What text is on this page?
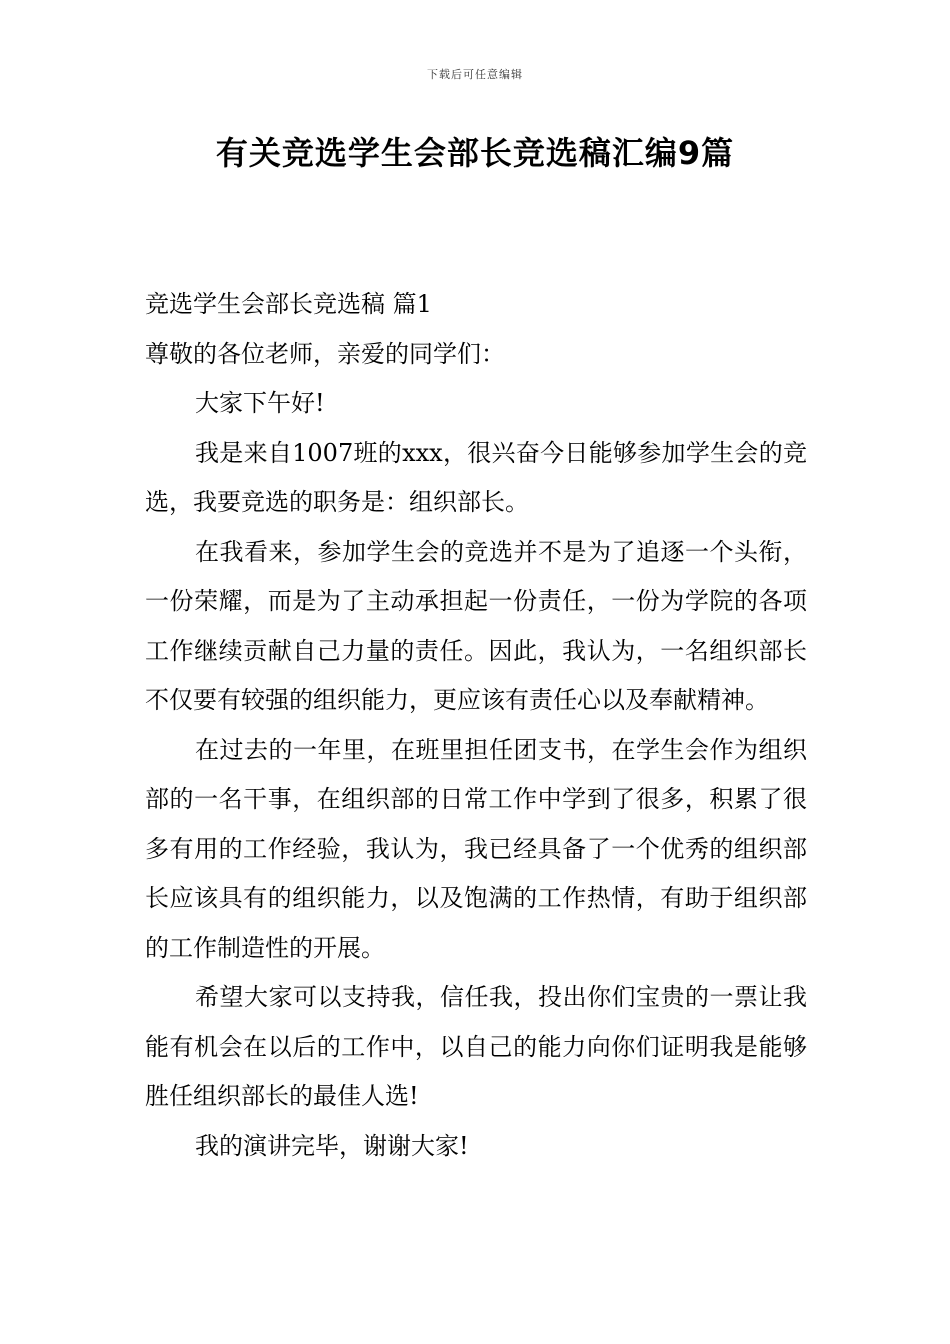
下载后可任意编辑
有关竞选学生会部长竞选稿汇编9篇

竞选学生会部长竞选稿 篇1

尊敬的各位老师，亲爱的同学们：

大家下午好!

我是来自1007班的xxx，很兴奋今日能够参加学生会的竞选，我要竞选的职务是：组织部长。

在我看来，参加学生会的竞选并不是为了追逐一个头衔，一份荣耀，而是为了主动承担起一份责任，一份为学院的各项工作继续贡献自己力量的责任。因此，我认为，一名组织部长不仅要有较强的组织能力，更应该有责任心以及奉献精神。

在过去的一年里，在班里担任团支书，在学生会作为组织部的一名干事，在组织部的日常工作中学到了很多，积累了很多有用的工作经验，我认为，我已经具备了一个优秀的组织部长应该具有的组织能力，以及饱满的工作热情，有助于组织部的工作制造性的开展。

希望大家可以支持我，信任我，投出你们宝贵的一票让我能有机会在以后的工作中，以自己的能力向你们证明我是能够胜任组织部长的最佳人选!

我的演讲完毕，谢谢大家!
